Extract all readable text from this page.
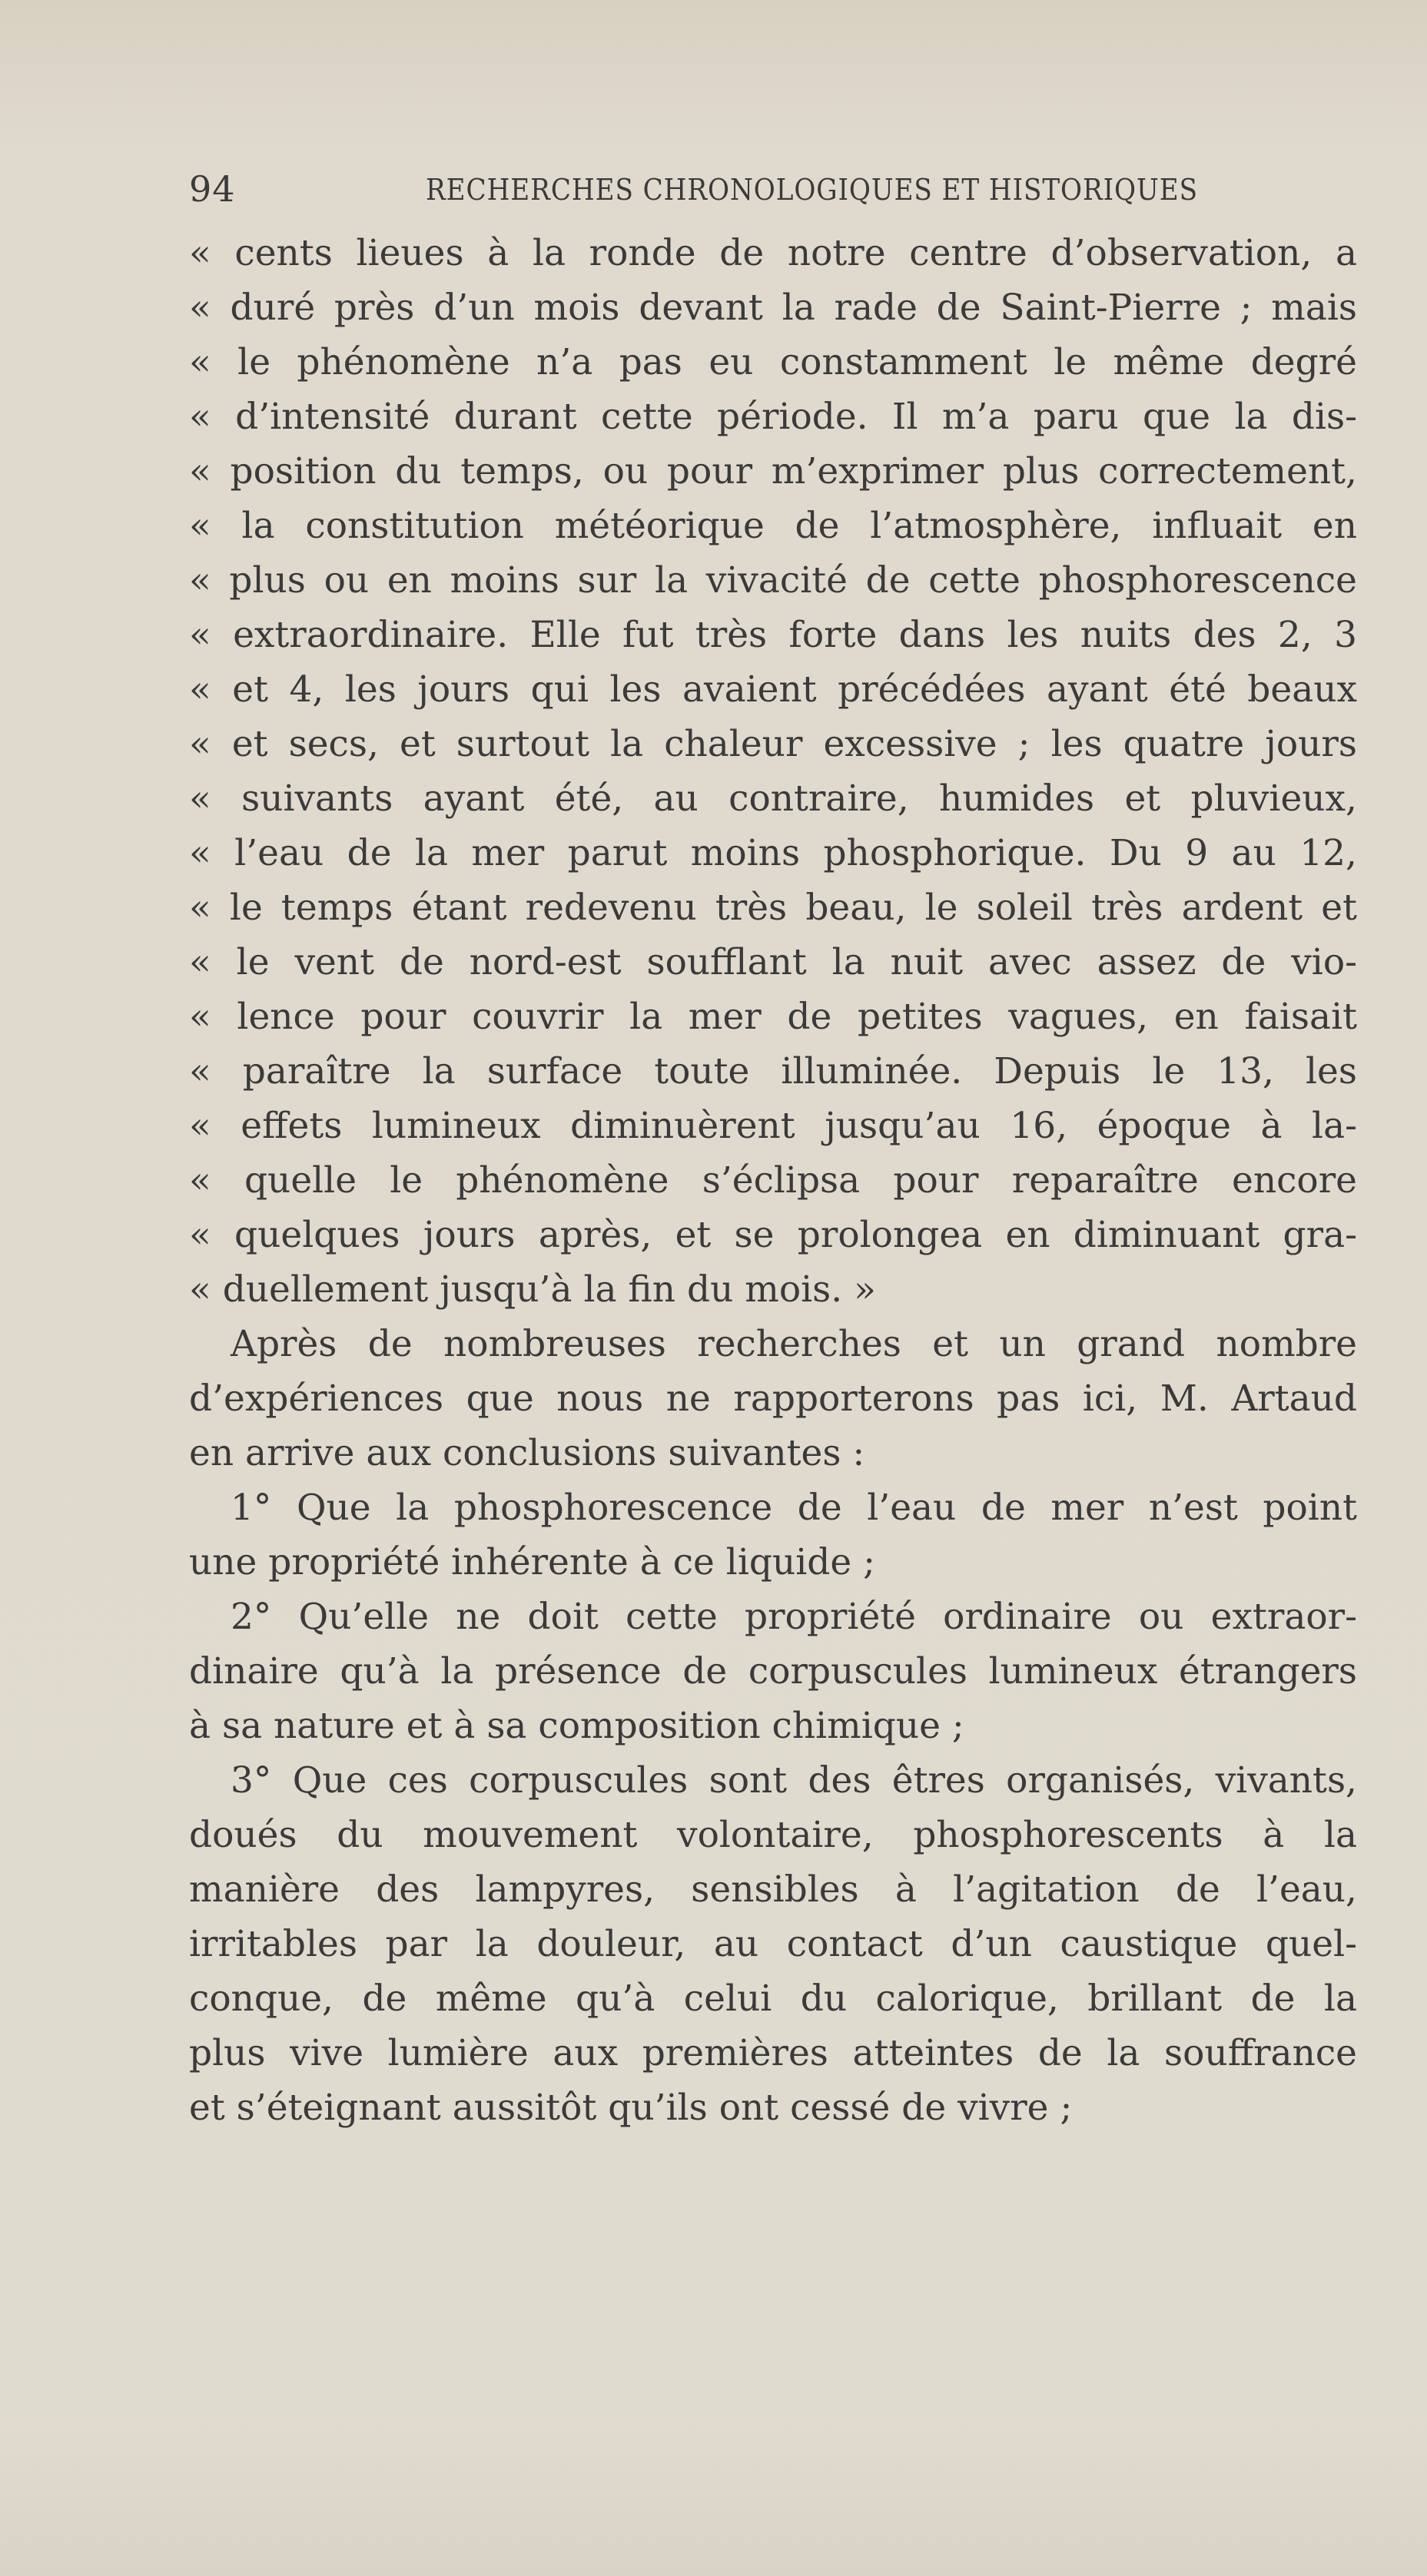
94	RECHERCHES CHRONOLOGIQUES ET HISTORIQUES
« cents lieues à la ronde de notre centre d’observation, a
« duré près d’un mois devant la rade de Saint-Pierre ; mais
« le phénomène n’a pas eu constamment le même degré
« d’intensité durant cette période. Il m’a paru que la dis-
« position du temps, ou pour m’exprimer plus correctement,
« la constitution météorique de l’atmosphère, influait en
« plus ou en moins sur la vivacité de cette phosphorescence
« extraordinaire. Elle fut très forte dans les nuits des 2, 3
« et 4, les jours qui les avaient précédées ayant été beaux
« et secs, et surtout la chaleur excessive ; les quatre jours
« suivants ayant été, au contraire, humides et pluvieux,
« l’eau de la mer parut moins phosphorique. Du 9 au 12,
« le temps étant redevenu très beau, le soleil très ardent et
« le vent de nord-est soufflant la nuit avec assez de vio-
« lence pour couvrir la mer de petites vagues, en faisait
« paraître la surface toute illuminée. Depuis le 13, les
« effets lumineux diminuèrent jusqu’au 16, époque à la-
« quelle le phénomène s’éclipsa pour reparaître encore
« quelques jours après, et se prolongea en diminuant gra-
« duellement jusqu’à la fin du mois. »
Après de nombreuses recherches et un grand nombre
d’expériences que nous ne rapporterons pas ici, M. Artaud
en arrive aux conclusions suivantes :
1° Que la phosphorescence de l’eau de mer n’est point
une propriété inhérente à ce liquide ;
2° Qu’elle ne doit cette propriété ordinaire ou extraor-
dinaire qu’à la présence de corpuscules lumineux étrangers
à sa nature et à sa composition chimique ;
3° Que ces corpuscules sont des êtres organisés, vivants,
doués du mouvement volontaire, phosphorescents à la
manière des lampyres, sensibles à l’agitation de l’eau,
irritables par la douleur, au contact d’un caustique quel-
conque, de même qu’à celui du calorique, brillant de la
plus vive lumière aux premières atteintes de la souffrance
et s’éteignant aussitôt qu’ils ont cessé de vivre ;
